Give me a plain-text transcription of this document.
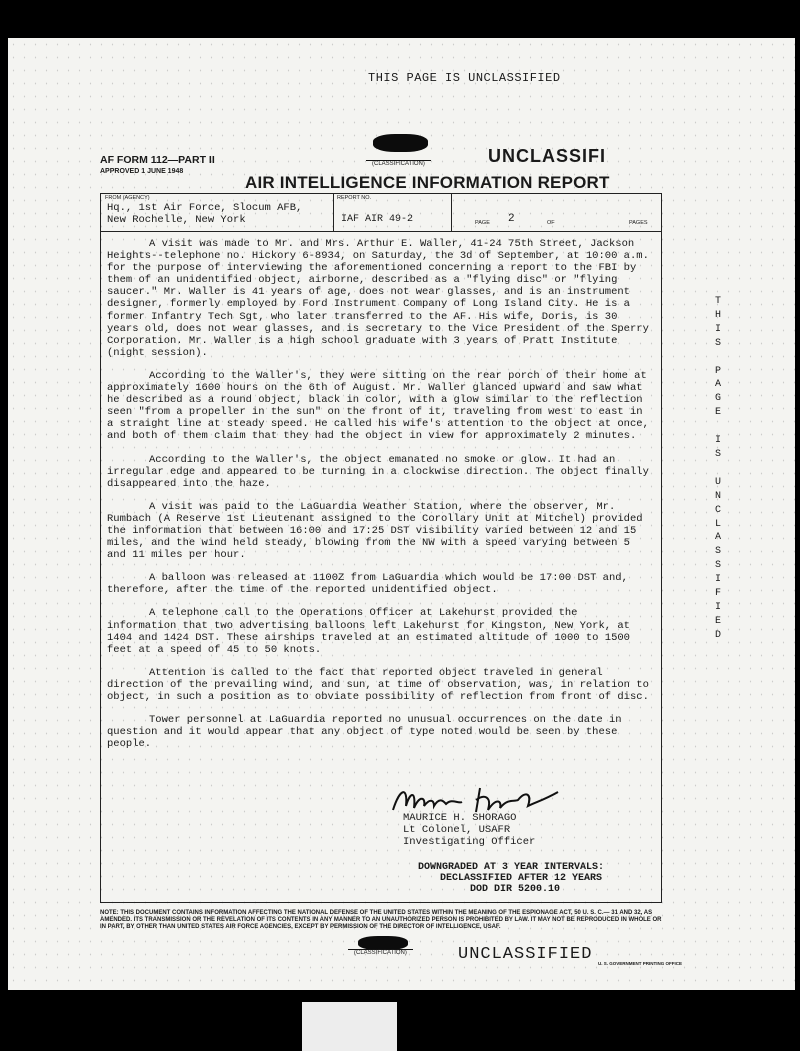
THIS PAGE IS UNCLASSIFIED
AF FORM 112—PART II
APPROVED 1 JUNE 1948
(CLASSIFICATION)	UNCLASSIFI
AIR INTELLIGENCE INFORMATION REPORT
FROM (AGENCY)
Hq., 1st Air Force, Slocum AFB,
New Rochelle, New York
REPORT NO.
IAF AIR 49-2	PAGE 2	OF	PAGES

A visit was made to Mr. and Mrs. Arthur E. Waller, 41-24 75th Street, Jackson Heights--telephone no. Hickory 6-8934, on Saturday, the 3d of September, at 10:00 a.m. for the purpose of interviewing the aforementioned concerning a report to the FBI by them of an unidentified object, airborne, described as a "flying disc" or "flying saucer." Mr. Waller is 41 years of age, does not wear glasses, and is an instrument designer, formerly employed by Ford Instrument Company of Long Island City. He is a former Infantry Tech Sgt, who later transferred to the AF. His wife, Doris, is 30 years old, does not wear glasses, and is secretary to the Vice President of the Sperry Corporation. Mr. Waller is a high school graduate with 3 years of Pratt Institute (night session).

According to the Waller's, they were sitting on the rear porch of their home at approximately 1600 hours on the 6th of August. Mr. Waller glanced upward and saw what he described as a round object, black in color, with a glow similar to the reflection seen "from a propeller in the sun" on the front of it, traveling from west to east in a straight line at steady speed. He called his wife's attention to the object at once, and both of them claim that they had the object in view for approximately 2 minutes.

According to the Waller's, the object emanated no smoke or glow. It had an irregular edge and appeared to be turning in a clockwise direction. The object finally disappeared into the haze.

A visit was paid to the LaGuardia Weather Station, where the observer, Mr. Rumbach (A Reserve 1st Lieutenant assigned to the Corollary Unit at Mitchel) provided the information that between 16:00 and 17:25 DST visibility varied between 12 and 15 miles, and the wind held steady, blowing from the NW with a speed varying between 5 and 11 miles per hour.

A balloon was released at 1100Z from LaGuardia which would be 17:00 DST and, therefore, after the time of the reported unidentified object.

A telephone call to the Operations Officer at Lakehurst provided the information that two advertising balloons left Lakehurst for Kingston, New York, at 1404 and 1424 DST. These airships traveled at an estimated altitude of 1000 to 1500 feet at a speed of 45 to 50 knots.

Attention is called to the fact that reported object traveled in general direction of the prevailing wind, and sun, at time of observation, was, in relation to object, in such a position as to obviate possibility of reflection from front of disc.

Tower personnel at LaGuardia reported no unusual occurrences on the date in question and it would appear that any object of type noted would be seen by these people.

MAURICE H. SHORAGO
Lt Colonel, USAFR
Investigating Officer
DOWNGRADED AT 3 YEAR INTERVALS:
DECLASSIFIED AFTER 12 YEARS
DOD DIR 5200.10
NOTE: THIS DOCUMENT CONTAINS INFORMATION AFFECTING THE NATIONAL DEFENSE OF THE UNITED STATES WITHIN THE MEANING OF THE ESPIONAGE ACT, 50 U. S. C.— 31 AND 32, AS AMENDED. ITS TRANSMISSION OR THE REVELATION OF ITS CONTENTS IN ANY MANNER TO AN UNAUTHORIZED PERSON IS PROHIBITED BY LAW. IT MAY NOT BE REPRODUCED IN WHOLE OR IN PART, BY OTHER THAN UNITED STATES AIR FORCE AGENCIES, EXCEPT BY PERMISSION OF THE DIRECTOR OF INTELLIGENCE, USAF.
T
H
I
S

P
A
G
E

I
S

U
N
C
L
A
S
S
I
F
I
E
D
(CLASSIFICATION)	UNCLASSIFIED U. S. GOVERNMENT PRINTING OFFICE
